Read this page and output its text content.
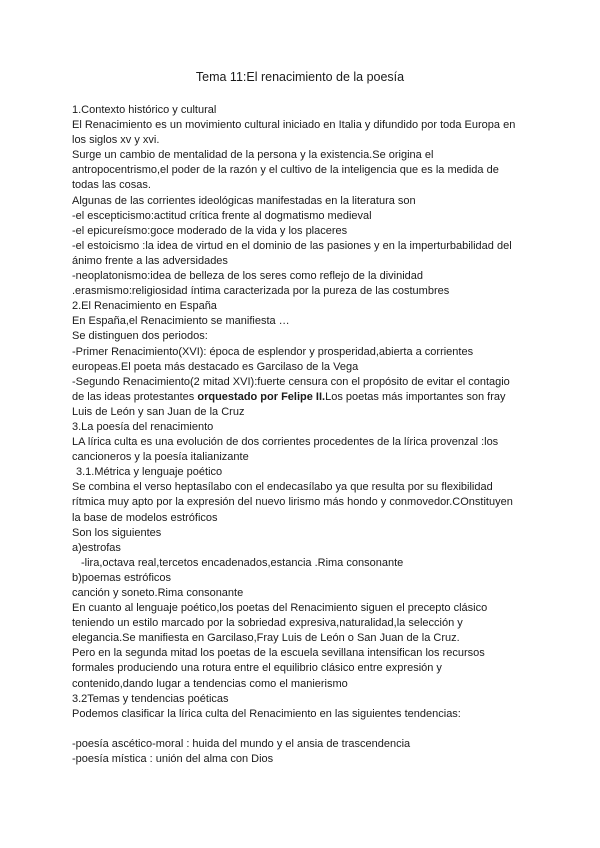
Tema 11:El renacimiento de la poesía
1.Contexto histórico y cultural
El Renacimiento es un movimiento cultural iniciado en Italia y difundido por toda Europa en
los siglos xv y xvi.
Surge un cambio de mentalidad de la persona y la existencia.Se origina el
antropocentrismo,el poder de la razón y el cultivo de la inteligencia que es la medida de
todas las cosas.
Algunas de las corrientes ideológicas manifestadas en la literatura son
-el escepticismo:actitud crítica frente al dogmatismo medieval
-el epicureísmo:goce moderado de la vida y los placeres
-el estoicismo :la idea de virtud en el dominio de las pasiones y en la imperturbabilidad del
ánimo frente a las adversidades
-neoplatonismo:idea de belleza de los seres como reflejo de la divinidad
.erasmismo:religiosidad íntima caracterizada por la pureza de las costumbres
2.El Renacimiento en España
En España,el Renacimiento se manifiesta …
Se distinguen dos periodos:
-Primer Renacimiento(XVI): época de esplendor y prosperidad,abierta a corrientes
europeas.El poeta más destacado es Garcilaso de la Vega
-Segundo Renacimiento(2 mitad XVI):fuerte censura con el propósito de evitar el contagio
de las ideas protestantes orquestado por Felipe II.Los poetas más importantes son fray
Luis de León y san Juan de la Cruz
3.La poesía del renacimiento
LA lírica culta es una evolución de dos corrientes procedentes de la lírica provenzal :los
cancioneros y la poesía italianizante
3.1.Métrica y lenguaje poético
Se combina el verso heptasílabo con el endecasílabo ya que resulta por su flexibilidad
rítmica muy apto por la expresión del nuevo lirismo más hondo y conmovedor.COnstituyen
la base de modelos estróficos
Son los siguientes
a)estrofas
-lira,octava real,tercetos encadenados,estancia .Rima consonante
b)poemas estróficos
canción y soneto.Rima consonante
En cuanto al lenguaje poético,los poetas del Renacimiento siguen el precepto clásico
teniendo un estilo marcado por la sobriedad expresiva,naturalidad,la selección y
elegancia.Se manifiesta en Garcilaso,Fray Luis de León o San Juan de la Cruz.
Pero en la segunda mitad los poetas de la escuela sevillana intensifican los recursos
formales produciendo una rotura entre el equilibrio clásico entre expresión y
contenido,dando lugar a tendencias como el manierismo
3.2Temas y tendencias poéticas
Podemos clasificar la lírica culta del Renacimiento en las siguientes tendencias:
-poesía ascético-moral : huida del mundo y el ansia de trascendencia
-poesía mística : unión del alma con Dios
